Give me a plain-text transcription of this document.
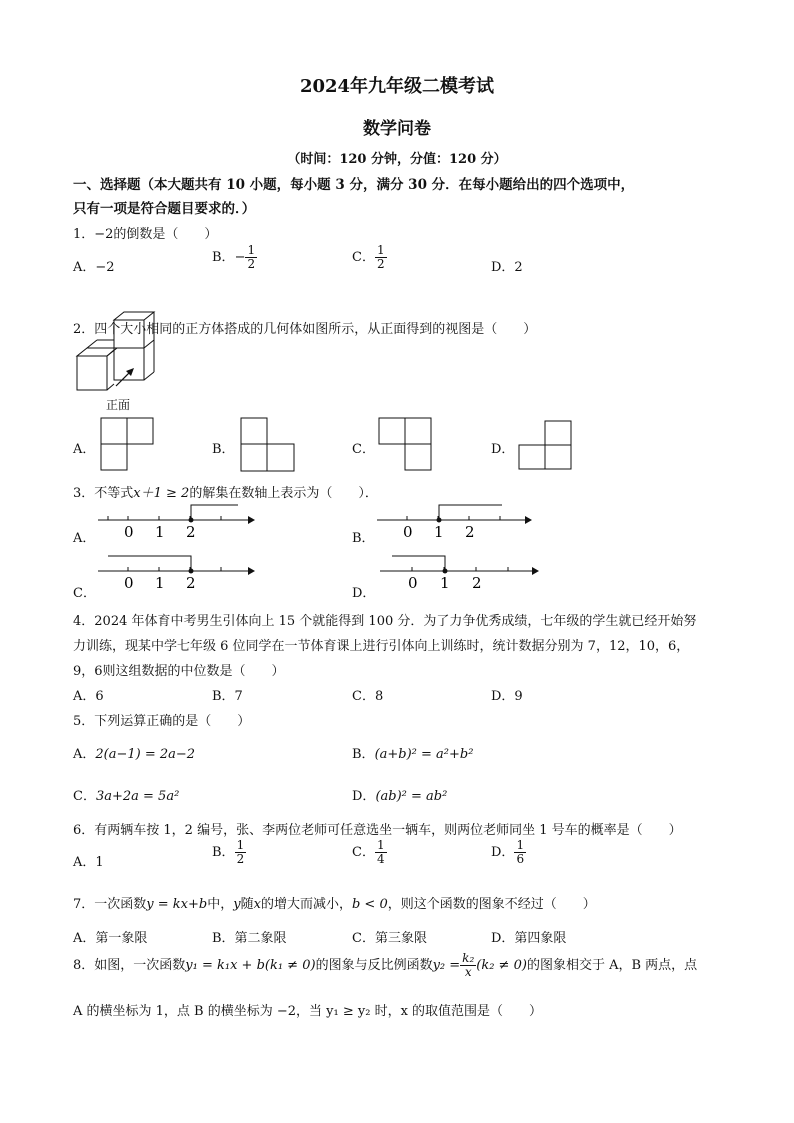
2024年九年级二模考试
数学问卷
（时间：120 分钟，分值：120 分）
一、选择题（本大题共有 10 小题，每小题 3 分，满分 30 分．在每小题给出的四个选项中，
只有一项是符合题目要求的．）
1．−2的倒数是（　　）
A．−2
B．− $\frac{1}{2}$	C． $\frac{1}{2}$	D．2
2．四个大小相同的正方体搭成的几何体如图所示，从正面得到的视图是（　　）
正面
A．	B．	C．	D．
3．不等式x＋1 ≥ 2的解集在数轴上表示为（　　）．
A． 0 1 2	B． 0 1 2
C．
0 1 2
D．
0 1 2
4．2024 年体育中考男生引体向上 15 个就能得到 100 分．为了力争优秀成绩，七年级的学生就已经开始努
力训练，现某中学七年级 6 位同学在一节体育课上进行引体向上训练时，统计数据分别为 7，12，10，6，
9，6则这组数据的中位数是（　　）
A．6	B．7	C．8	D．9
5．下列运算正确的是（　　）
A．2(a−1) = 2a−2	B．(a+b)² = a²+b²
C．3a+2a = 5a²	D．(ab)² = ab²
6．有两辆车按 1，2 编号，张、李两位老师可任意选坐一辆车，则两位老师同坐 1 号车的概率是（　　）
A．1
B． $\frac{1}{2}$	C． $\frac{1}{4}$	D． $\frac{1}{6}$
7．一次函数y = kx+b中，y随x的增大而减小，b < 0，则这个函数的图象不经过（　　）
A．第一象限	B．第二象限	C．第三象限	D．第四象限
8．如图，一次函数y₁ = k₁x + b(k₁ ≠ 0)的图象与反比例函数$y_2 = \frac{\text{k₂}}{x} (k_2 \ne 0)$的图象相交于 A，B 两点，点
A 的横坐标为 1，点 B 的横坐标为 −2，当 y₁ ≥ y₂ 时，x 的取值范围是（　　）
